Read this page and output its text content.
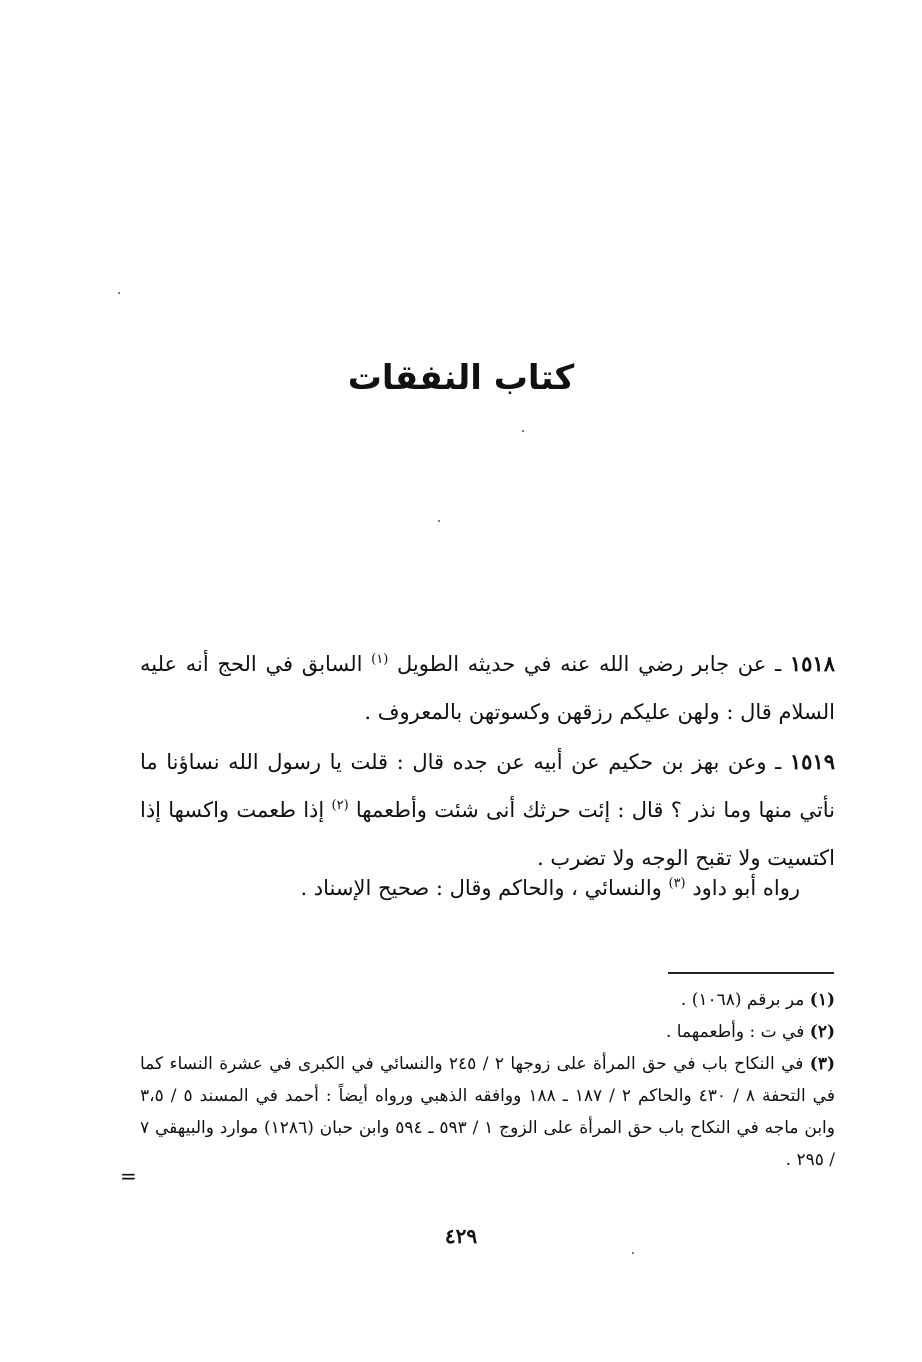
كتاب النفقات

١٥١٨ ـ عن جابر رضي الله عنه في حديثه الطويل $^{(١)}$ السابق في الحج أنه عليه السلام قال : ولهن عليكم رزقهن وكسوتهن بالمعروف .

١٥١٩ ـ وعن بهز بن حكيم عن أبيه عن جده قال : قلت يا رسول الله نساؤنا ما نأتي منها وما نذر ؟ قال : إئت حرثك أنى شئت وأطعمها $^{(٢)}$ إذا طعمت واكسها إذا اكتسيت ولا تقبح الوجه ولا تضرب .

رواه أبو داود $^{(٣)}$ والنسائي ، والحاكم وقال : صحيح الإسناد .

(١) مر برقم (١٠٦٨) .

(٢) في ت : وأطعمهما .

(٣) في النكاح باب في حق المرأة على زوجها ٢ / ٢٤٥ والنسائي في الكبرى في عشرة النساء كما في التحفة ٨ / ٤٣٠ والحاكم ٢ / ١٨٧ ـ ١٨٨ ووافقه الذهبي ورواه أيضاً : أحمد في المسند ٥ / ٣،٥ وابن ماجه في النكاح باب حق المرأة على الزوج ١ / ٥٩٣ ـ ٥٩٤ وابن حبان (١٢٨٦) موارد والبيهقي ٧ / ٢٩٥ .

=
٤٢٩
